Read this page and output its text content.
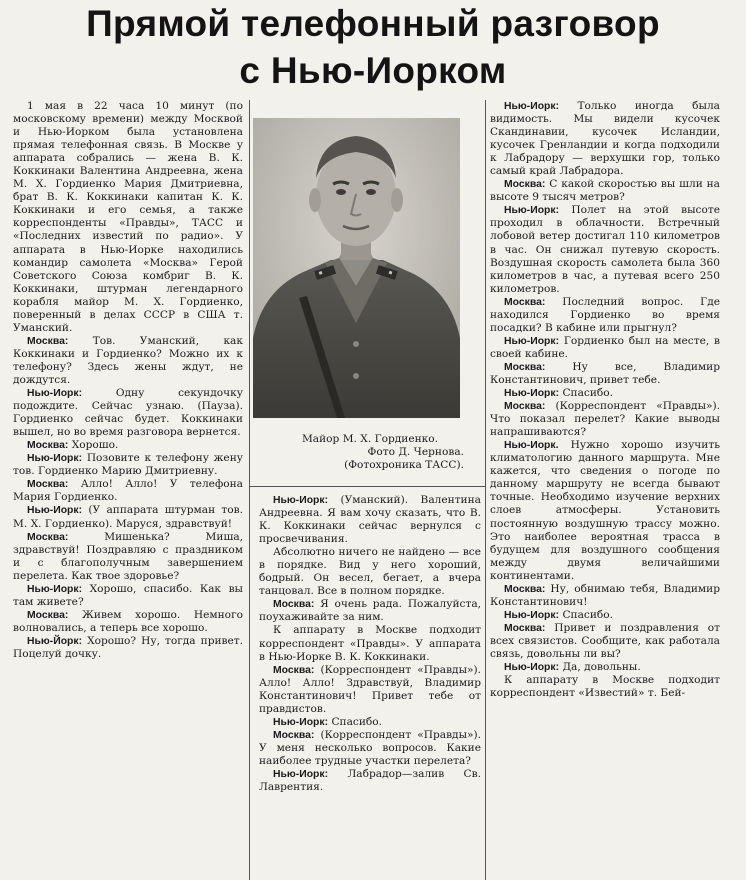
Прямой телефонный разговор
с Нью-Иорком

1 мая в 22 часа 10 минут (по московскому времени) между Москвой и Нью-Иорком была установлена прямая телефонная связь. В Москве у аппарата собрались — жена В. К. Коккинаки Валентина Андреевна, жена М. Х. Гордиенко Мария Дмитриевна, брат В. К. Коккинаки капитан К. К. Коккинаки и его семья, а также корреспонденты «Правды», ТАСС и «Последних известий по радио». У аппарата в Нью-Иорке находились командир самолета «Москва» Герой Советского Союза комбриг В. К. Коккинаки, штурман легендарного корабля майор М. Х. Гордиенко, поверенный в делах СССР в США т. Уманский.

Москва: Тов. Уманский, как Коккинаки и Гордиенко? Можно их к телефону? Здесь жены ждут, не дождутся.

Нью-Иорк:	Одну секундочку подождите. Сейчас узнаю. (Пауза). Гордиенко сейчас будет. Коккинаки вышел, но во время разговора вернется.

Москва: Хорошо.

Нью-Иорк: Позовите к телефону жену тов. Гордиенко Марию Дмитриевну.

Москва: Алло! Алло! У телефона Мария Гордиенко.

Нью-Иорк: (У аппарата штурман тов. М. Х. Гордиенко). Маруся, здравствуй!

Москва:	Мишенька? Миша, здравствуй! Поздравляю с праздником и с благополучным завершением перелета. Как твое здоровье?

Нью-Иорк: Хорошо, спасибо. Как вы там живете?

Москва: Живем хорошо. Немного волновались, а теперь все хорошо.

Нью-Йорк: Хорошо? Ну, тогда привет. Поцелуй дочку.

Майор М. Х. Гордиенко.
Фото Д. Чернова.
(Фотохроника ТАСС).

Нью-Иорк: (Уманский). Валентина Андреевна. Я вам хочу сказать, что В. К. Коккинаки сейчас вернулся с просвечивания.

Абсолютно ничего не найдено — все в порядке. Вид у него хороший, бодрый. Он весел, бегает, а вчера танцовал. Все в полном порядке.

Москва: Я очень рада. Пожалуйста, поухаживайте за ним.

К аппарату в Москве подходит корреспондент «Правды». У аппарата в Нью-Иорке В. К. Коккинаки.

Москва: (Корреспондент «Правды»). Алло! Алло! Здравствуй, Владимир Константинович! Привет тебе от правдистов.

Нью-Иорк: Спасибо.

Москва: (Корреспондент «Правды»). У меня несколько вопросов. Какие наиболее трудные участки перелета?

Нью-Иорк: Лабрадор—залив Св. Лаврентия.

Нью-Иорк: Только иногда была видимость. Мы видели кусочек Скандинавии, кусочек Исландии, кусочек Гренландии и когда подходили к Лабрадору — верхушки гор, только самый край Лабрадора.

Москва: С какой скоростью вы шли на высоте 9 тысяч метров?

Нью-Иорк: Полет на этой высоте проходил в облачности. Встречный лобовой ветер достигал 110 километров в час. Он снижал путевую скорость. Воздушная скорость самолета была 360 километров в час, а путевая всего 250 километров.

Москва: Последний вопрос. Где находился Гордиенко во время посадки? В кабине или прыгнул?

Нью-Иорк: Гордиенко был на месте, в своей кабине.

Москва:	Ну все, Владимир Константинович, привет тебе.

Нью-Иорк: Спасибо.

Москва: (Корреспондент «Правды»). Что показал перелет? Какие выводы напрашиваются?

Нью-Иорк. Нужно хорошо изучить климатологию данного маршрута. Мне кажется, что сведения о погоде по данному маршруту не всегда бывают точные. Необходимо изучение верхних слоев атмосферы. Установить постоянную воздушную трассу можно. Это наиболее вероятная трасса в будущем для воздушного сообщения между двумя величайшими континентами.

Москва: Ну, обнимаю тебя, Владимир Константинович!

Нью-Иорк: Спасибо.

Москва: Привет и поздравления от всех связистов. Сообщите, как работала связь, довольны ли вы?

Нью-Иорк: Да, довольны.

К аппарату в Москве подходит корреспондент «Известий» т. Бей-
